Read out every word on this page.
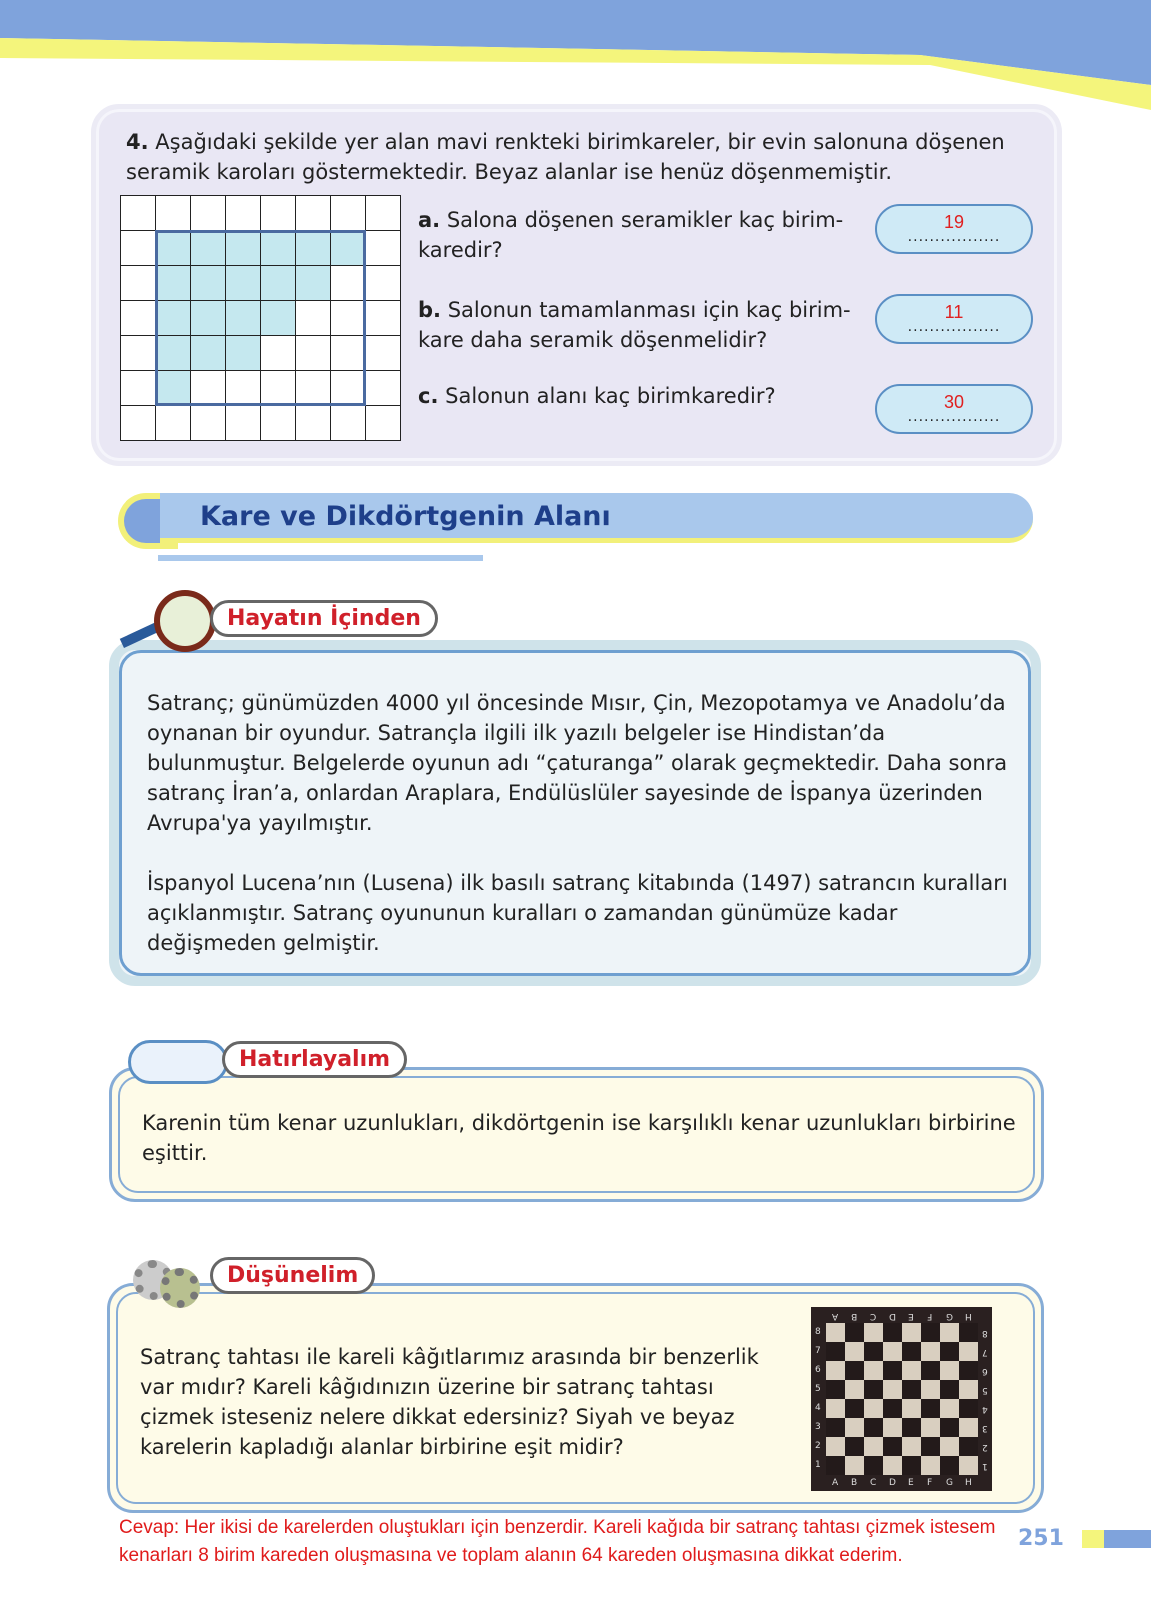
4. Aşağıdaki şekilde yer alan mavi renkteki birimkareler, bir evin salonuna döşenen seramik karoları göstermektedir. Beyaz alanlar ise henüz döşenmemiştir.
a. Salona döşenen seramikler kaç birim-karedir?
b. Salonun tamamlanması için kaç birim-kare daha seramik döşenmelidir?
c. Salonun alanı kaç birimkaredir?
19
.................
11
.................
30
.................
Kare ve Dikdörtgenin Alanı
Satranç; günümüzden 4000 yıl öncesinde Mısır, Çin, Mezopotamya ve Anadolu’da oynanan bir oyundur. Satrançla ilgili ilk yazılı belgeler ise Hindistan’da bulunmuştur. Belgelerde oyunun adı “çaturanga” olarak geçmektedir. Daha sonra satranç İran’a, onlardan Araplara, Endülüslüler sayesinde de İspanya üzerinden Avrupa'ya yayılmıştır.
İspanyol Lucena’nın (Lusena) ilk basılı satranç kitabında (1497) satrancın kuralları açıklanmıştır. Satranç oyununun kuralları o zamandan günümüze kadar değişmeden gelmiştir.
Hayatın İçinden
Karenin tüm kenar uzunlukları, dikdörtgenin ise karşılıklı kenar uzunlukları birbirine eşittir.
Hatırlayalım
Satranç tahtası ile kareli kâğıtlarımız arasında bir benzerlik var mıdır? Kareli kâğıdınızın üzerine bir satranç tahtası çizmek isteseniz nelere dikkat edersiniz? Siyah ve beyaz karelerin kapladığı alanlar birbirine eşit midir?
Düşünelim
A
A
B
B
C
C
D
D
E
E
F
F
G
G
H
H
8	8
7	7
6	6
5	5
4	4
3	3
2	2
1	1
Cevap: Her ikisi de karelerden oluştukları için benzerdir. Kareli kağıda bir satranç tahtası çizmek istesem
kenarları 8 birim kareden oluşmasına ve toplam alanın 64 kareden oluşmasına dikkat ederim.
251
